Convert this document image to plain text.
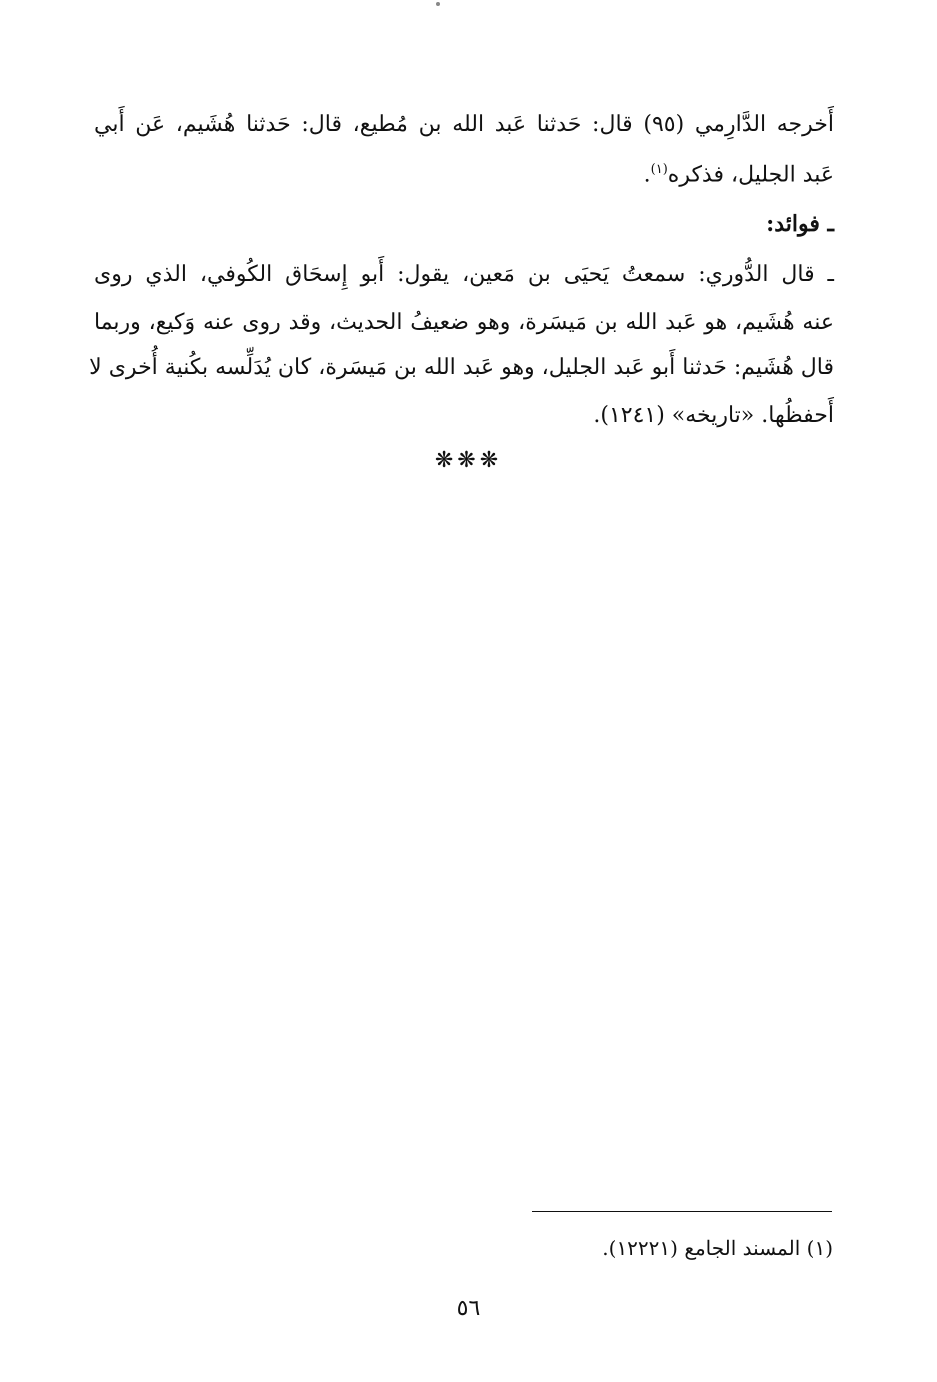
أَخرجه الدَّارِمي (٩٥) قال: حَدثنا عَبد الله بن مُطيع، قال: حَدثنا هُشَيم، عَن أَبي
عَبد الجليل، فذكره$^{(١)}$.
ـ فوائد:
ـ قال الدُّوري: سمعتُ يَحيَى بن مَعين، يقول: أَبو إِسحَاق الكُوفي، الذي روى
عنه هُشَيم، هو عَبد الله بن مَيسَرة، وهو ضعيفُ الحديث، وقد روى عنه وَكيع، وربما
قال هُشَيم: حَدثنا أَبو عَبد الجليل، وهو عَبد الله بن مَيسَرة، كان يُدَلِّسه بكُنية أُخرى لا
أَحفظُها. «تاريخه» (١٢٤١).
❋❋❋
(١) المسند الجامع (١٢٢٢١).
٥٦
